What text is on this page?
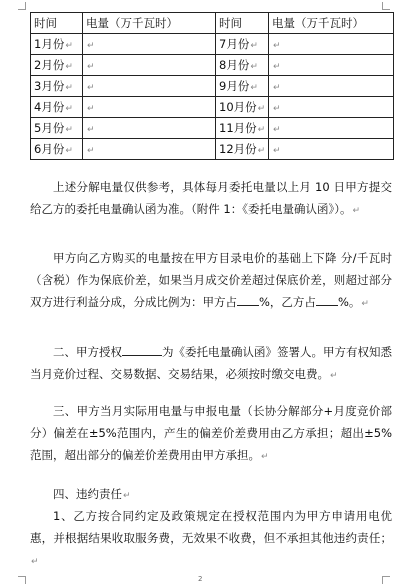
时间	电量（万千瓦时）	时间	电量（万千瓦时）
1月份↵	↵	7月份↵	↵
2月份↵	↵	8月份↵	↵
3月份↵	↵	9月份↵	↵
4月份↵	↵	10月份↵	↵
5月份↵	↵	11月份↵	↵
6月份↵	↵	12月份↵	↵

上述分解电量仅供参考，具体每月委托电量以上月 10 日甲方提交给乙方的委托电量确认函为准。（附件 1：《委托电量确认函》）。↵

甲方向乙方购买的电量按在甲方目录电价的基础上下降 分/千瓦时（含税）作为保底价差，如果当月成交价差超过保底价差，则超过部分双方进行利益分成，分成比例为：甲方占 %，乙方占 %。↵

二、甲方授权	为《委托电量确认函》签署人。甲方有权知悉当月竞价过程、交易数据、交易结果，必须按时缴交电费。↵

三、甲方当月实际用电量与申报电量（长协分解部分+月度竞价部分）偏差在±5%范围内，产生的偏差价差费用由乙方承担；超出±5%范围，超出部分的偏差价差费用由甲方承担。↵

四、违约责任↵

1、乙方按合同约定及政策规定在授权范围内为甲方申请用电优惠，并根据结果收取服务费，无效果不收费，但不承担其他违约责任；↵

2
